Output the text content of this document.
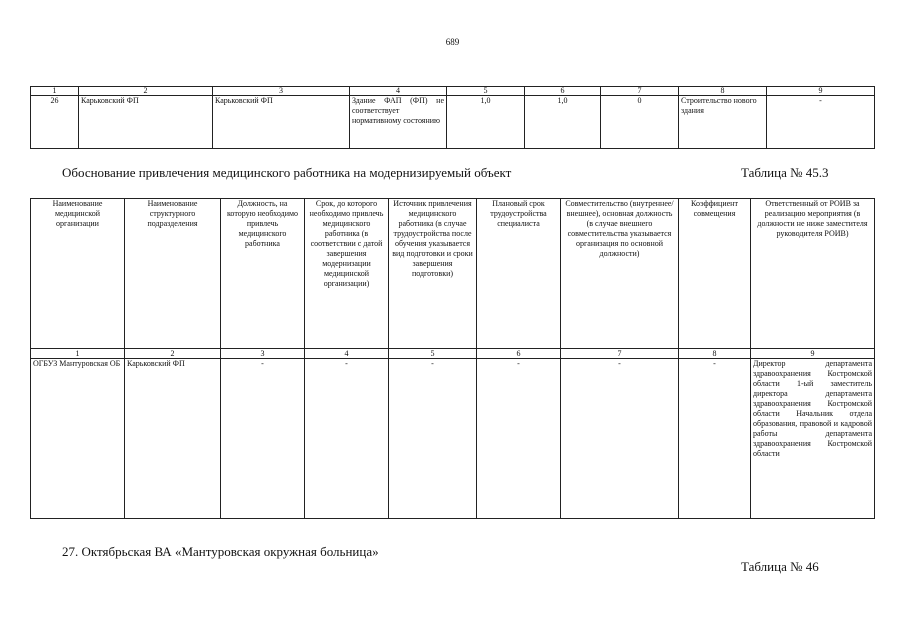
689
1	2	3	4	5	6	7	8	9
26	Карьковский ФП	Карьковский ФП	Здание ФАП (ФП) не соответствует нормативному состоянию	1,0	1,0	0	Строительство нового здания	-
Обоснование привлечения медицинского работника на модернизируемый объект	Таблица № 45.3
Наименование медицинской организации	Наименование структурного подразделения	Должность, на которую необходимо привлечь медицинского работника	Срок, до которого необходимо привлечь медицинского работника (в соответствии с датой завершения модернизации медицинской организации)	Источник привлечения медицинского работника (в случае трудоустройства после обучения указывается вид подготовки и сроки завершения подготовки)	Плановый срок трудоустройства специалиста	Совместительство (внутреннее/внешнее), основная должность (в случае внешнего совместительства указывается организация по основной должности)	Коэффициент совмещения	Ответственный от РОИВ за реализацию мероприятия (в должности не ниже заместителя руководителя РОИВ)
1	2	3	4	5	6	7	8	9
ОГБУЗ Мантуровская ОБ	Карьковский ФП	-	-	-	-	-	-	Директор департамента здравоохранения Костромской области 1-ый заместитель директора департамента здравоохранения Костромской области Начальник отдела образования, правовой и кадровой работы департамента здравоохранения Костромской области
27. Октябрьская ВА «Мантуровская окружная больница»
Таблица № 46
